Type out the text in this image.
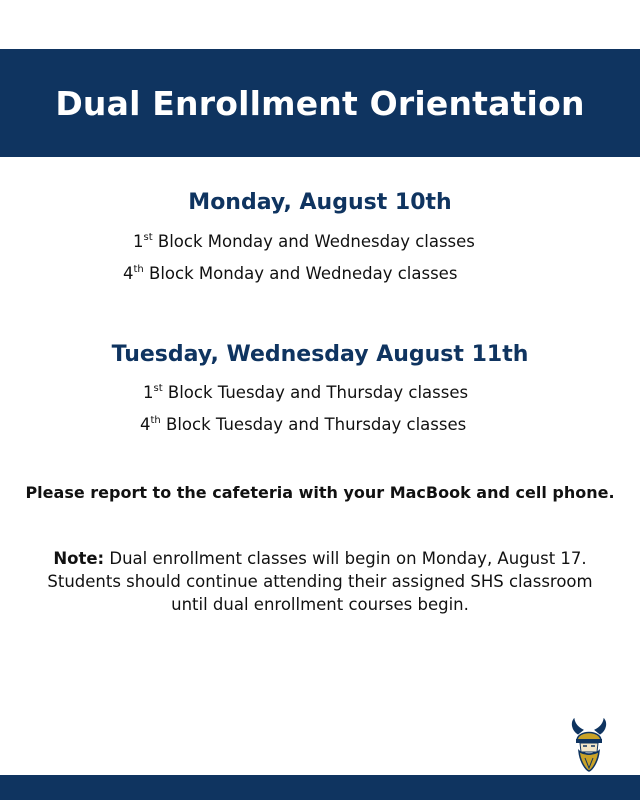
Dual Enrollment Orientation
Monday, August 10th
1st Block Monday and Wednesday classes
4th Block Monday and Wedneday classes
Tuesday, Wednesday August 11th
1st Block Tuesday and Thursday classes
4th Block Tuesday and Thursday classes
Please report to the cafeteria with your MacBook and cell phone.
Note: Dual enrollment classes will begin on Monday, August 17. Students should continue attending their assigned SHS classroom until dual enrollment courses begin.
